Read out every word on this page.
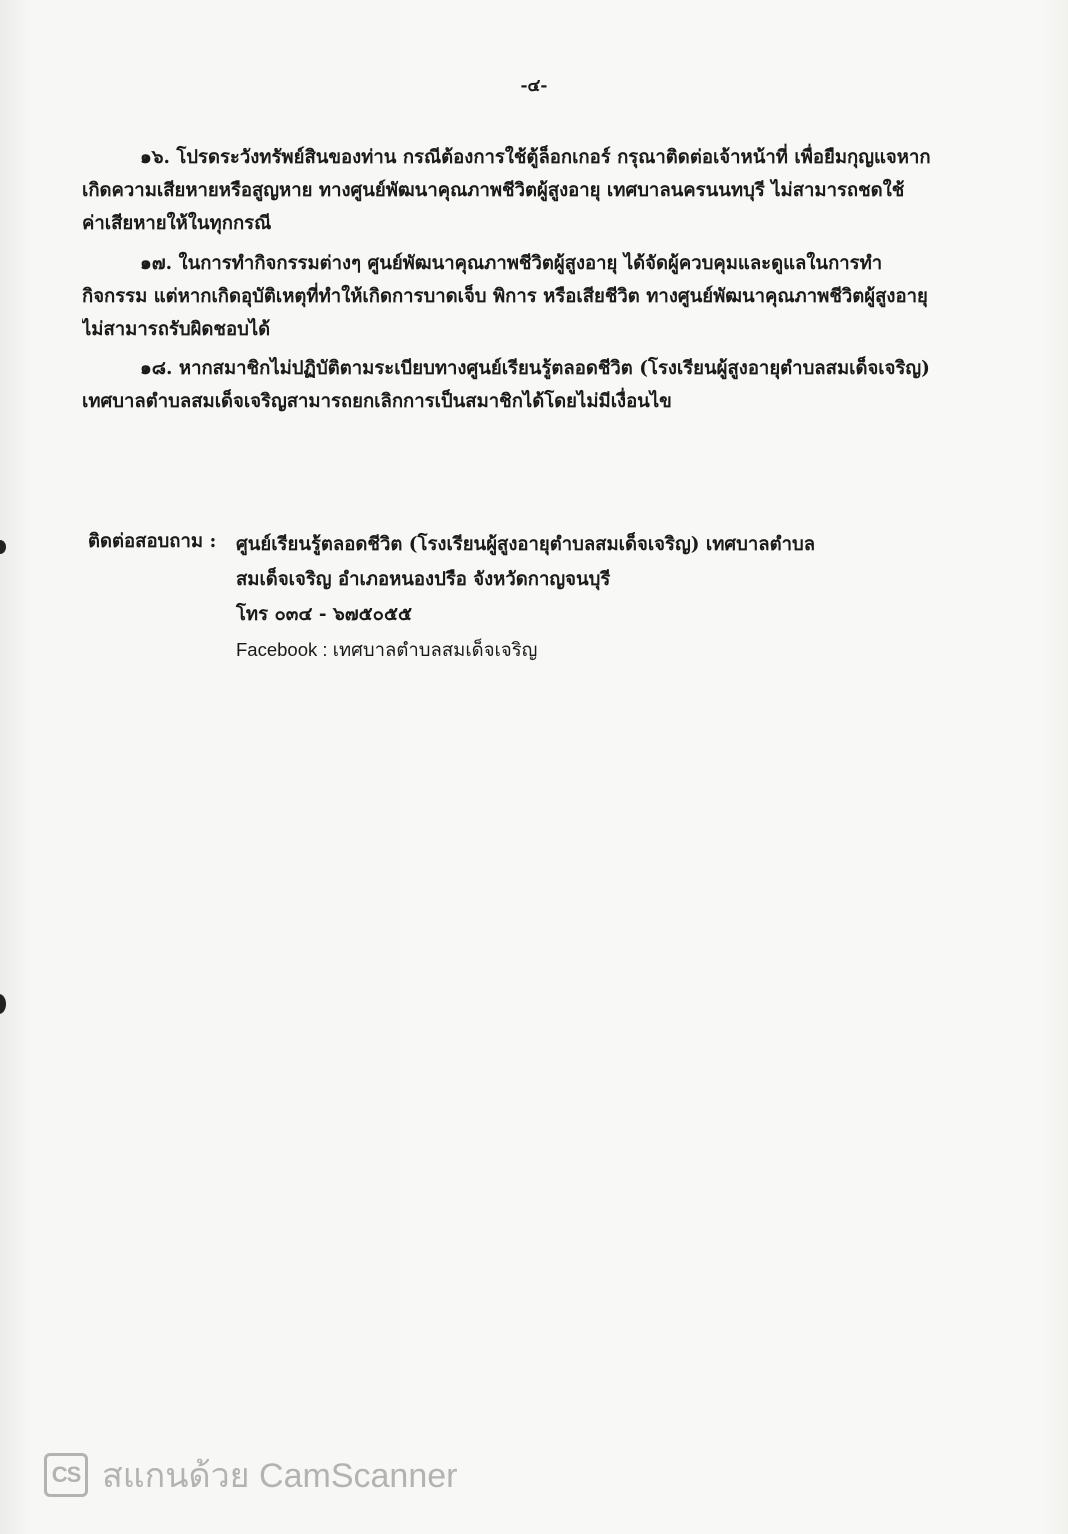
-๔-
๑๖. โปรดระวังทรัพย์สินของท่าน กรณีต้องการใช้ตู้ล็อกเกอร์ กรุณาติดต่อเจ้าหน้าที่ เพื่อยืมกุญแจหาก
เกิดความเสียหายหรือสูญหาย ทางศูนย์พัฒนาคุณภาพชีวิตผู้สูงอายุ เทศบาลนครนนทบุรี ไม่สามารถชดใช้
ค่าเสียหายให้ในทุกกรณี
๑๗. ในการทำกิจกรรมต่างๆ ศูนย์พัฒนาคุณภาพชีวิตผู้สูงอายุ ได้จัดผู้ควบคุมและดูแลในการทำ
กิจกรรม แต่หากเกิดอุบัติเหตุที่ทำให้เกิดการบาดเจ็บ พิการ หรือเสียชีวิต ทางศูนย์พัฒนาคุณภาพชีวิตผู้สูงอายุ
ไม่สามารถรับผิดชอบได้
๑๘. หากสมาชิกไม่ปฏิบัติตามระเบียบทางศูนย์เรียนรู้ตลอดชีวิต (โรงเรียนผู้สูงอายุตำบลสมเด็จเจริญ)
เทศบาลตำบลสมเด็จเจริญสามารถยกเลิกการเป็นสมาชิกได้โดยไม่มีเงื่อนไข
ติดต่อสอบถาม : ศูนย์เรียนรู้ตลอดชีวิต (โรงเรียนผู้สูงอายุตำบลสมเด็จเจริญ) เทศบาลตำบล
สมเด็จเจริญ อำเภอหนองปรือ จังหวัดกาญจนบุรี
โทร ๐๓๔ - ๖๗๕๐๕๕
Facebook : เทศบาลตำบลสมเด็จเจริญ
CS สแกนด้วย CamScanner
